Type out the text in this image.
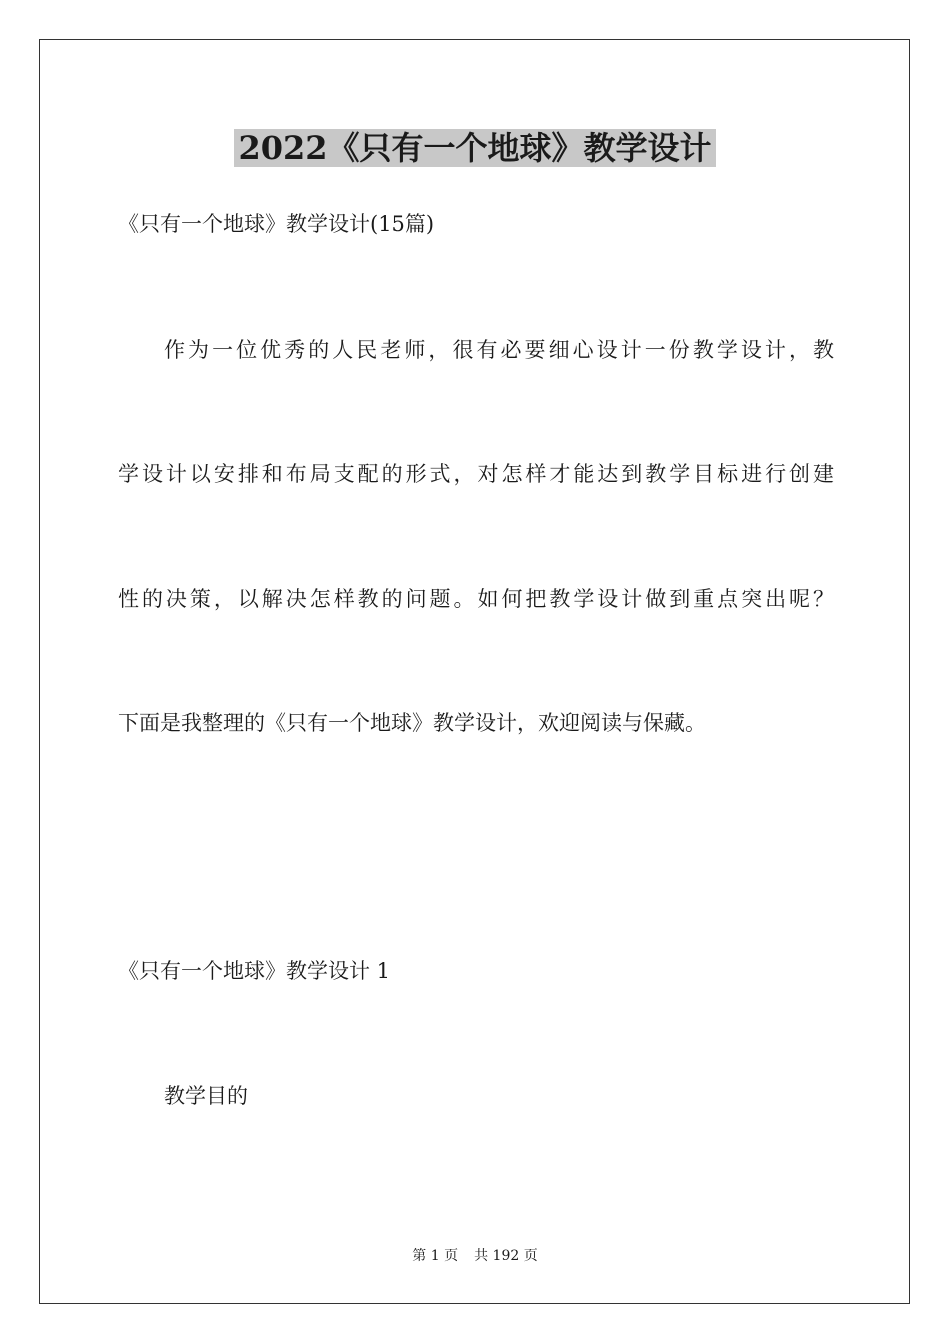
2022《只有一个地球》教学设计
《只有一个地球》教学设计(15篇)
作为一位优秀的人民老师，很有必要细心设计一份教学设计，教
学设计以安排和布局支配的形式，对怎样才能达到教学目标进行创建
性的决策，以解决怎样教的问题。如何把教学设计做到重点突出呢？
下面是我整理的《只有一个地球》教学设计，欢迎阅读与保藏。
《只有一个地球》教学设计 1
教学目的
第 1 页 共 192 页
